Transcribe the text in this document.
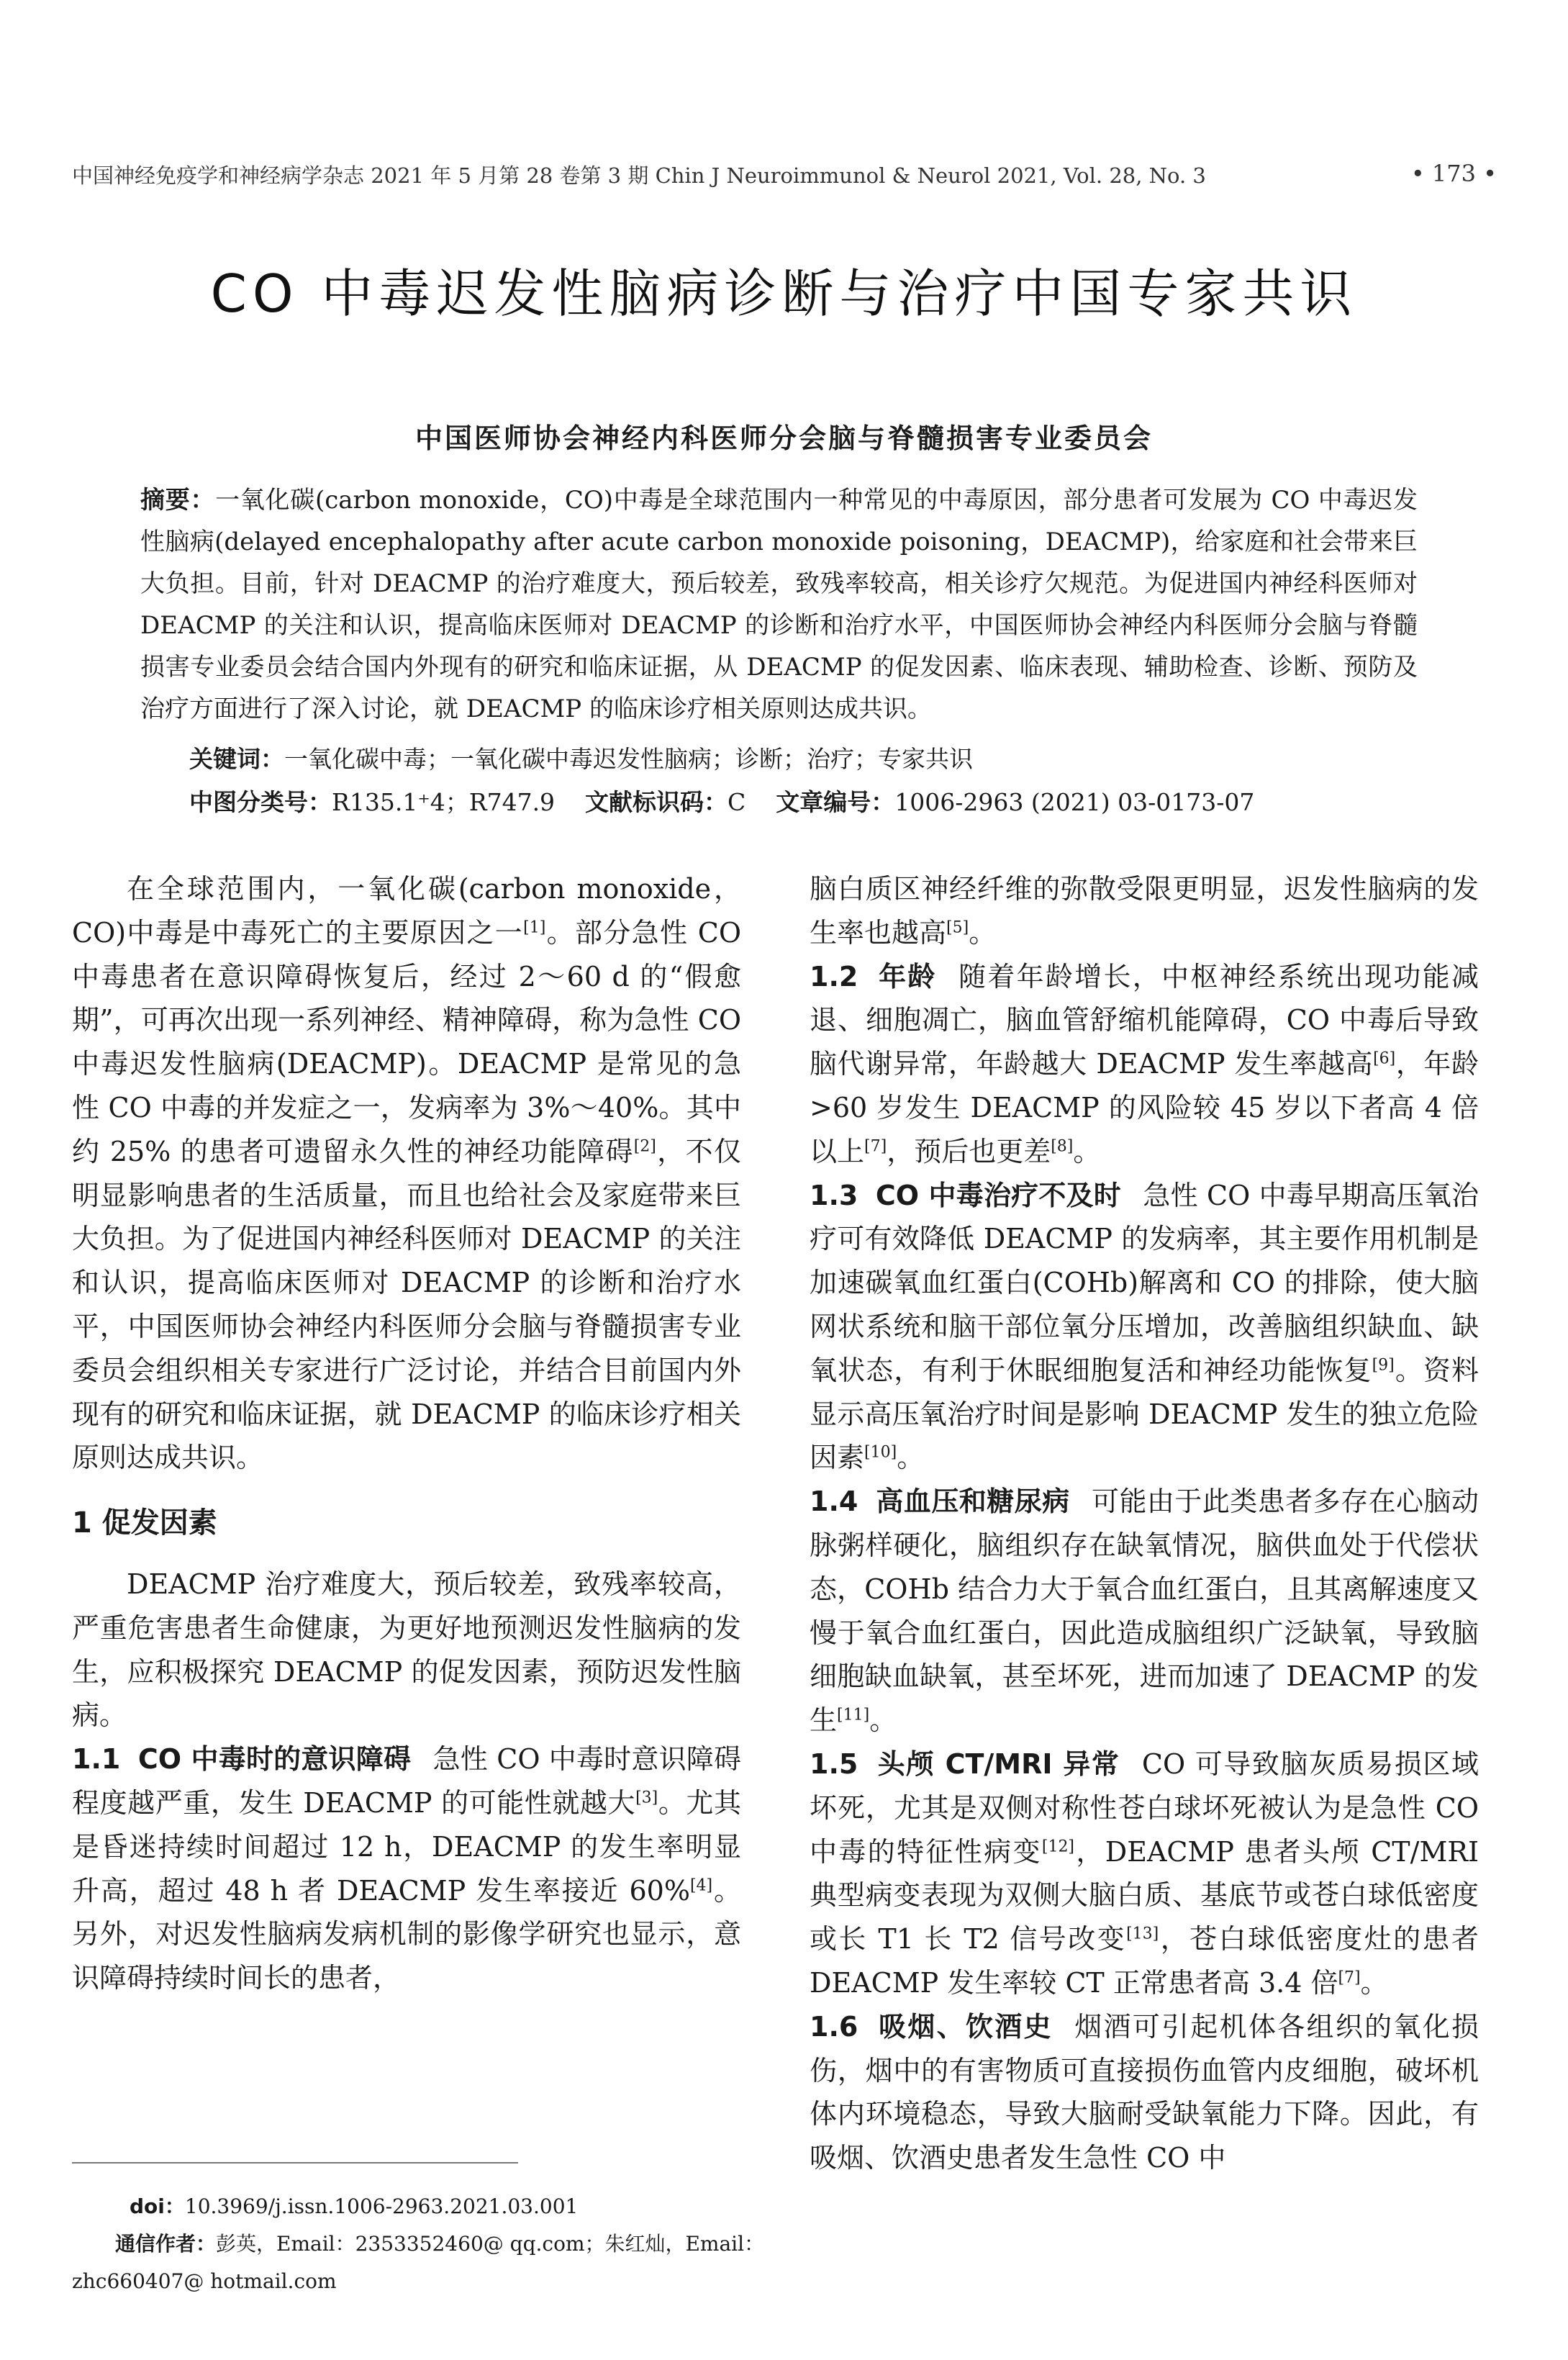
中国神经免疫学和神经病学杂志 2021 年 5 月第 28 卷第 3 期 Chin J Neuroimmunol & Neurol 2021, Vol. 28, No. 3	• 173 •
CO 中毒迟发性脑病诊断与治疗中国专家共识
中国医师协会神经内科医师分会脑与脊髓损害专业委员会
摘要：一氧化碳(carbon monoxide，CO)中毒是全球范围内一种常见的中毒原因，部分患者可发展为 CO 中毒迟发性脑病(delayed encephalopathy after acute carbon monoxide poisoning，DEACMP)，给家庭和社会带来巨大负担。目前，针对 DEACMP 的治疗难度大，预后较差，致残率较高，相关诊疗欠规范。为促进国内神经科医师对 DEACMP 的关注和认识，提高临床医师对 DEACMP 的诊断和治疗水平，中国医师协会神经内科医师分会脑与脊髓损害专业委员会结合国内外现有的研究和临床证据，从 DEACMP 的促发因素、临床表现、辅助检查、诊断、预防及治疗方面进行了深入讨论，就 DEACMP 的临床诊疗相关原则达成共识。
关键词：一氧化碳中毒；一氧化碳中毒迟发性脑病；诊断；治疗；专家共识
中图分类号：R135.1⁺4；R747.9 文献标识码：C 文章编号：1006-2963 (2021) 03-0173-07

在全球范围内，一氧化碳(carbon monoxide，CO)中毒是中毒死亡的主要原因之一[1]。部分急性 CO 中毒患者在意识障碍恢复后，经过 2～60 d 的“假愈期”，可再次出现一系列神经、精神障碍，称为急性 CO 中毒迟发性脑病(DEACMP)。DEACMP 是常见的急性 CO 中毒的并发症之一，发病率为 3%～40%。其中约 25% 的患者可遗留永久性的神经功能障碍[2]，不仅明显影响患者的生活质量，而且也给社会及家庭带来巨大负担。为了促进国内神经科医师对 DEACMP 的关注和认识，提高临床医师对 DEACMP 的诊断和治疗水平，中国医师协会神经内科医师分会脑与脊髓损害专业委员会组织相关专家进行广泛讨论，并结合目前国内外现有的研究和临床证据，就 DEACMP 的临床诊疗相关原则达成共识。

1 促发因素

DEACMP 治疗难度大，预后较差，致残率较高，严重危害患者生命健康，为更好地预测迟发性脑病的发生，应积极探究 DEACMP 的促发因素，预防迟发性脑病。

1.1 CO 中毒时的意识障碍 急性 CO 中毒时意识障碍程度越严重，发生 DEACMP 的可能性就越大[3]。尤其是昏迷持续时间超过 12 h，DEACMP 的发生率明显升高，超过 48 h 者 DEACMP 发生率接近 60%[4]。另外，对迟发性脑病发病机制的影像学研究也显示，意识障碍持续时间长的患者，

脑白质区神经纤维的弥散受限更明显，迟发性脑病的发生率也越高[5]。

1.2 年龄 随着年龄增长，中枢神经系统出现功能减退、细胞凋亡，脑血管舒缩机能障碍，CO 中毒后导致脑代谢异常，年龄越大 DEACMP 发生率越高[6]，年龄>60 岁发生 DEACMP 的风险较 45 岁以下者高 4 倍以上[7]，预后也更差[8]。

1.3 CO 中毒治疗不及时 急性 CO 中毒早期高压氧治疗可有效降低 DEACMP 的发病率，其主要作用机制是加速碳氧血红蛋白(COHb)解离和 CO 的排除，使大脑网状系统和脑干部位氧分压增加，改善脑组织缺血、缺氧状态，有利于休眠细胞复活和神经功能恢复[9]。资料显示高压氧治疗时间是影响 DEACMP 发生的独立危险因素[10]。

1.4 高血压和糖尿病 可能由于此类患者多存在心脑动脉粥样硬化，脑组织存在缺氧情况，脑供血处于代偿状态，COHb 结合力大于氧合血红蛋白，且其离解速度又慢于氧合血红蛋白，因此造成脑组织广泛缺氧，导致脑细胞缺血缺氧，甚至坏死，进而加速了 DEACMP 的发生[11]。

1.5 头颅 CT/MRI 异常 CO 可导致脑灰质易损区域坏死，尤其是双侧对称性苍白球坏死被认为是急性 CO 中毒的特征性病变[12]，DEACMP 患者头颅 CT/MRI 典型病变表现为双侧大脑白质、基底节或苍白球低密度或长 T1 长 T2 信号改变[13]，苍白球低密度灶的患者 DEACMP 发生率较 CT 正常患者高 3.4 倍[7]。

1.6 吸烟、饮酒史 烟酒可引起机体各组织的氧化损伤，烟中的有害物质可直接损伤血管内皮细胞，破坏机体内环境稳态，导致大脑耐受缺氧能力下降。因此，有吸烟、饮酒史患者发生急性 CO 中

doi：10.3969/j.issn.1006-2963.2021.03.001
通信作者：彭英，Email：2353352460@ qq.com；朱红灿，Email：
zhc660407@ hotmail.com
